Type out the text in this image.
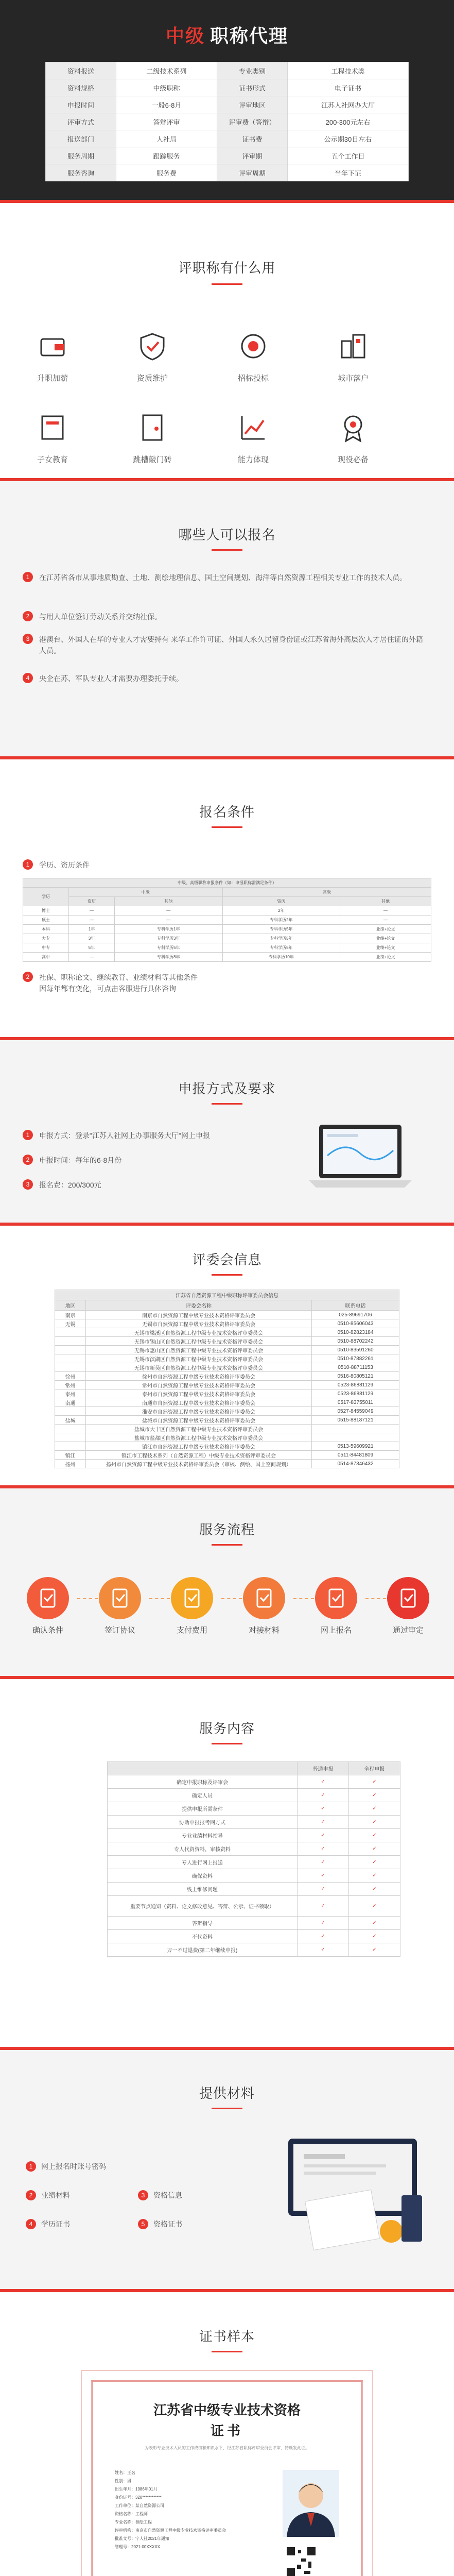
中级 职称代理
资料报送	二级技术系列	专业类别	工程技术类
资料规格	中级职称	证书形式	电子证书
申报时间	一般6-8月	评审地区	江苏人社网办大厅
评审方式	答辩评审	评审费（答辩）	200-300元左右
报送部门	人社局	证书费	公示期30日左右
服务周期	跟踪服务	评审期	五个工作日
服务咨询	服务费	评审周期	当年下证
评职称有什么用
升职加薪	资质维护	招标投标	城市落户
子女教育	跳槽敲门砖	能力体现	现役必备
哪些人可以报名
1	在江苏省各市从事地质勘查、土地、测绘地理信息、国土空间规划、海洋等自然资源工程相关专业工作的技术人员。
2	与用人单位签订劳动关系并交纳社保。
3	港澳台、外国人在华的专业人才需要持有 来华工作许可证、外国人永久居留身份证或江苏省海外高层次人才居住证的外籍人员。
4	央企在苏、军队专业人才需要办理委托手续。
报名条件
1	学历、资历条件
中级、高级职称申报条件（如：申报职称需满足条件）				
学历	中级		高级	
	资历	其他	资历	其他
博士	—	—	2年	—
硕士	—	—	专科学历2年	—
本科	1年	专科学历1年	专科学历5年	业绩+论文
大专	3年	专科学历3年	专科学历5年	业绩+论文
中专	5年	专科学历5年	专科学历5年	业绩+论文
高中	—	专科学历8年	专科学历10年	业绩+论文
2	社保、职称论文、继续教育、业绩材料等其他条件
因每年都有变化，可点击客服进行具体咨询
申报方式及要求
1	申报方式：登录"江苏人社网上办事服务大厅"网上申报
2	申报时间：每年的6-8月份
3	报名费：200/300元
评委会信息
江苏省自然资源工程中级职称评审委员会信息		
地区	评委会名称	联系电话
南京	南京市自然资源工程中级专业技术资格评审委员会	025-89691706
无锡	无锡市自然资源工程中级专业技术资格评审委员会	0510-85606043
	无锡市梁溪区自然资源工程中级专业技术资格评审委员会	0510-82823184
	无锡市锡山区自然资源工程中级专业技术资格评审委员会	0510-88702242
	无锡市惠山区自然资源工程中级专业技术资格评审委员会	0510-83591260
	无锡市滨湖区自然资源工程中级专业技术资格评审委员会	0510-87882261
	无锡市新吴区自然资源工程中级专业技术资格评审委员会	0510-88711153
徐州	徐州市自然资源工程中级专业技术资格评审委员会	0516-80805121
常州	常州市自然资源工程中级专业技术资格评审委员会	0523-86881129
泰州	泰州市自然资源工程中级专业技术资格评审委员会	0523-86881129
南通	南通市自然资源工程中级专业技术资格评审委员会	0517-83755011
	淮安市自然资源工程中级专业技术资格评审委员会	0527-84559049
盐城	盐城市自然资源工程中级专业技术资格评审委员会	0515-88187121
	盐城市大丰区自然资源工程中级专业技术资格评审委员会	
	盐城市盐都区自然资源工程中级专业技术资格评审委员会	
	镇江市自然资源工程中级专业技术资格评审委员会	0513-59609921
镇江	镇江市工程技术系列（自然资源工程）中级专业技术资格评审委员会	0511-84481809
扬州	扬州市自然资源工程中级专业技术资格评审委员会（审核、测绘、国土空间规划）	0514-87346432
服务流程
确认条件	签订协议	支付费用	对接材料	网上报名	通过审定
服务内容
	普通申报	全程申报
确定申报职称及评审会	✓	✓
确定人员	✓	✓
提供申报所需条件	✓	✓
协助申报报考网方式	✓	✓
专业业绩材料指导	✓	✓
专人代资资料，审核资料	✓	✓
专人进行网上报送	✓	✓
确保资料	✓	✓
线上维修问题	✓	✓
重要节点通知（资料、论文修改意见、答辩、公示、证书领取）	✓	✓
答辩指导	✓	✓
不代资料	✓	✓
万一不过退费(第二年继续申报)	✓	✓
提供材料
1	网上报名时账号密码
2	业绩材料	3	资格信息
4	学历证书	5	资格证书
证书样本
江苏省中级专业技术资格
证书
为表彰专业技术人员的工作成绩和知识水平，经江苏省职称评审委员会评审，特颁发此证。
姓名：王名
性别：男
出生年月：1986年01月
身份证号：320************
工作单位：某自然资源公司
资格名称：工程师
专业名称：测绘工程
评审机构：南京市自然资源工程中级专业技术资格评审委员会
批准文号：宁人社2021年通知
管理号：2021-00XXXXX
